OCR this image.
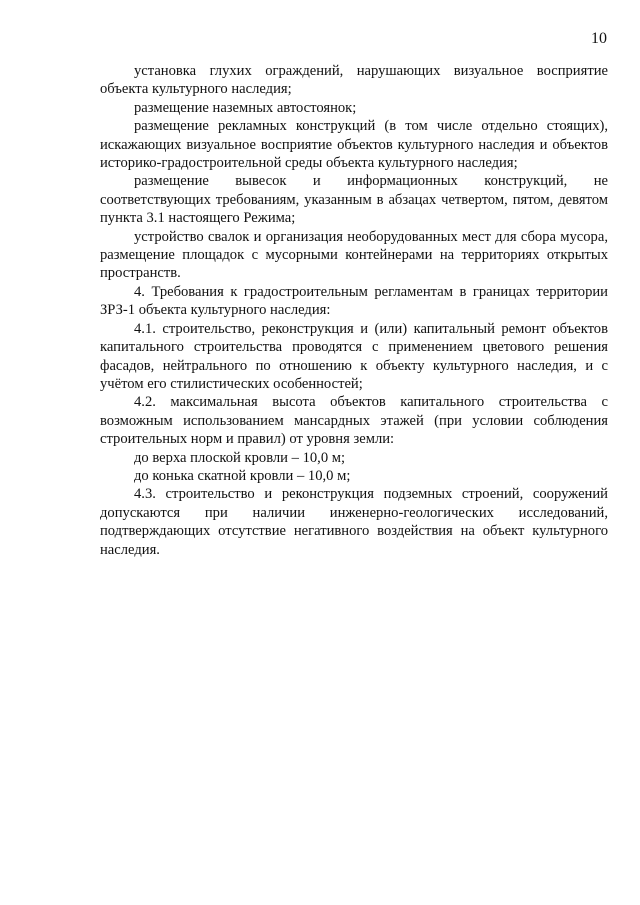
10

установка глухих ограждений, нарушающих визуальное восприятие объекта культурного наследия;

размещение наземных автостоянок;

размещение рекламных конструкций (в том числе отдельно стоящих), искажающих визуальное восприятие объектов культурного наследия и объектов историко-градостроительной среды объекта культурного наследия;

размещение вывесок и информационных конструкций, не соответствующих требованиям, указанным в абзацах четвертом, пятом, девятом пункта 3.1 настоящего Режима;

устройство свалок и организация необорудованных мест для сбора мусора, размещение площадок с мусорными контейнерами на территориях открытых пространств.

4. Требования к градостроительным регламентам в границах территории ЗРЗ-1 объекта культурного наследия:

4.1. строительство, реконструкция и (или) капитальный ремонт объектов капитального строительства проводятся с применением цветового решения фасадов, нейтрального по отношению к объекту культурного наследия, и с учётом его стилистических особенностей;

4.2. максимальная высота объектов капитального строительства с возможным использованием мансардных этажей (при условии соблюдения строительных норм и правил) от уровня земли:

до верха плоской кровли – 10,0 м;

до конька скатной кровли – 10,0 м;

4.3. строительство и реконструкция подземных строений, сооружений допускаются при наличии инженерно-геологических исследований, подтверждающих отсутствие негативного воздействия на объект культурного наследия.
